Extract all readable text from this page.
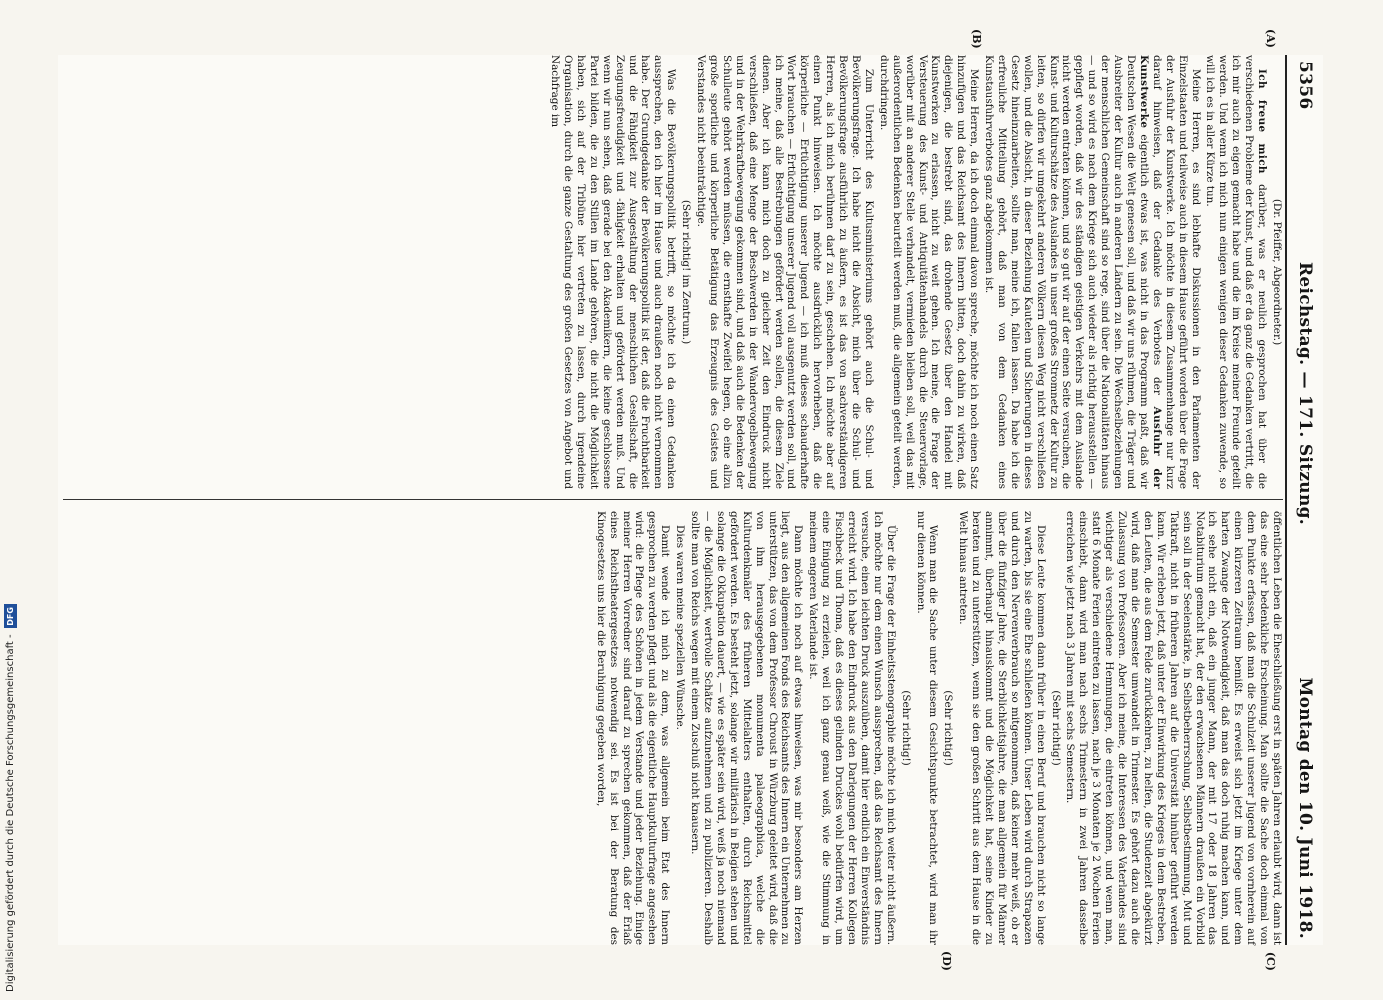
Digitalisierung gefördert durch die Deutsche Forschungsgemeinschaft -
DFG
5356
Reichstag. — 171. Sitzung.
Montag den 10. Juni 1918.
(A)
(B)

(Dr. Pfeiffer, Abgeordneter.)

Ich freue mich darüber, was er neulich gesprochen hat über die verschiedenen Probleme der Kunst, und daß er da ganz die Gedanken vertritt, die ich mir auch zu eigen gemacht habe und die im Kreise meiner Freunde geteilt werden. Und wenn ich mich nun einigen wenigen dieser Gedanken zuwende, so will ich es in aller Kürze tun.

Meine Herren, es sind lebhafte Diskussionen in den Parlamenten der Einzelstaaten und teilweise auch in diesem Hause geführt worden über die Frage der Ausfuhr der Kunstwerke. Ich möchte in diesem Zusammenhange nur kurz darauf hinweisen, daß der Gedanke des Verbotes der Ausfuhr der Kunstwerke eigentlich etwas ist, was nicht in das Programm paßt, daß wir Deutschen Wesen die Welt genesen soll, und daß wir uns rühmen, die Träger und Ausbreiter der Kultur auch in anderen Ländern zu sein. Die Wechselbeziehungen der menschlichen Gemeinschaft sind so rege, sind über die Nationalitäten hinaus — und so wird es nach dem Kriege sich auch wieder als richtig herausstellen — gepflegt worden, daß wir des ständigen geistigen Verkehrs mit dem Auslande nicht werden entraten können, und so gut wir auf der einen Seite versuchen, die Kunst- und Kulturschätze des Auslandes in unser großes Stromnetz der Kultur zu leiten, so dürfen wir umgekehrt anderen Völkern diesen Weg nicht verschließen wollen, und die Absicht, in dieser Beziehung Kautelen und Sicherungen in dieses Gesetz hineinzuarbeiten, sollte man, meine ich, fallen lassen. Da habe ich die erfreuliche Mitteilung gehört, daß man von dem Gedanken eines Kunstausfuhrverbotes ganz abgekommen ist.

Meine Herren, da ich doch einmal davon spreche, möchte ich noch einen Satz hinzufügen und das Reichsamt des Innern bitten, doch dahin zu wirken, daß diejenigen, die bestrebt sind, das drohende Gesetz über den Handel mit Kunstwerken zu erlassen, nicht zu weit gehen. Ich meine, die Frage der Versteuerung des Kunst- und Antiquitätenhandels durch die Steuervorlage, worüber mit an anderer Stelle verhandelt, vermieden bleiben soll, weil das mit außerordentlichen Bedenken beurteilt werden muß, die allgemein geteilt werden, durchdringen.

Zum Unterricht des Kultusministeriums gehört auch die Schul- und Bevölkerungsfrage. Ich habe nicht die Absicht, mich über die Schul- und Bevölkerungsfrage ausführlich zu äußern, es ist das von sachverständigeren Herren, als ich mich berühmen darf zu sein, geschehen. Ich möchte aber auf einen Punkt hinweisen. Ich möchte ausdrücklich hervorheben, daß die körperliche — Ertüchtigung unserer Jugend — ich muß dieses schauderhafte Wort brauchen — Ertüchtigung unserer Jugend voll ausgenutzt werden soll, und ich meine, daß alle Bestrebungen gefördert werden sollen, die diesem Ziele dienen. Aber ich kann mich doch zu gleicher Zeit den Eindruck nicht verschließen, daß eine Menge der Beschwerden in der Wandervogelbewegung und in der Wehrkraftbewegung gekommen sind, und daß auch die Bedenken der Schulleute gehört werden müssen, die ernsthafte Zweifel hegen, ob eine allzu große sportliche und körperliche Betätigung das Erzeugnis des Geistes und Verstandes nicht beeinträchtige.

(Sehr richtig! im Zentrum.)

Was die Bevölkerungspolitik betrifft, so möchte ich da einen Gedanken aussprechen, den ich hier im Hause und auch draußen noch nicht vernommen habe. Der Grundgedanke der Bevölkerungspolitik ist der, daß die Fruchtbarkeit und die Fähigkeit zur Ausgestaltung der menschlichen Gesellschaft, die Zeugungsfreudigkeit und -fähigkeit erhalten und gefördert werden muß. Und wenn wir nun sehen, daß gerade bei den Akademikern, die keine geschlossene Partei bilden, die zu den Stillen im Lande gehören, die nicht die Möglichkeit haben, sich auf der Tribüne hier vertreten zu lassen, durch irgendeine Organisation, durch die ganze Gestaltung des großen Gesetzes von Angebot und Nachfrage im

(C)
(D)

öffentlichen Leben die Eheschließung erst in späten Jahren erlaubt wird, dann ist das eine sehr bedenkliche Erscheinung. Man sollte die Sache doch einmal von dem Punkte erfassen, daß man die Schulzeit unserer Jugend von vornherein auf einen kürzeren Zeitraum bemißt. Es erweist sich jetzt im Kriege unter dem harten Zwange der Notwendigkeit, daß man das doch ruhig machen kann, und ich sehe nicht ein, daß ein junger Mann, der mit 17 oder 18 Jahren das Notabiturium gemacht hat, der den erwachsenen Männern draußen ein Vorbild sein soll in der Seelenstärke, in Selbstbeherrschung, Selbstbestimmung, Mut und Tatkraft, nicht in früheren Jahren auf die Universität hinüber geführt werden kann. Wir erleben jetzt, daß unter der Einwirkung des Krieges in dem Bestreben, den Leuten, die aus dem Felde zurückkehren, zu helfen, die Studenzeit abgekürzt wird, daß man die Semester umwandelt in Trimester. Es gehört dazu auch die Zulassung von Professoren. Aber ich meine, die Interessen des Vaterlandes sind wichtiger als verschiedene Hemmungen, die eintreten können, und wenn man, statt 6 Monate Ferien eintreten zu lassen, nach je 3 Monaten je 2 Wochen Ferien einschiebt, dann wird man nach sechs Trimestern in zwei Jahren dasselbe erreichen wie jetzt nach 3 Jahren mit sechs Semestern.

(Sehr richtig!)

Diese Leute kommen dann früher in einen Beruf und brauchen nicht so lange zu warten, bis sie eine Ehe schließen können. Unser Leben wird durch Strapazen und durch den Nervenverbrauch so mitgenommen, daß keiner mehr weiß, ob er über die fünfziger Jahre, die Sterblichkeitsjahre, die man allgemein für Männer annimmt, überhaupt hinauskommt und die Möglichkeit hat, seine Kinder zu beraten und zu unterstützen, wenn sie den großen Schritt aus dem Hause in die Welt hinaus antreten.

(Sehr richtig!)

Wenn man die Sache unter diesem Gesichtspunkte betrachtet, wird man ihr nur dienen können.

(Sehr richtig!)

Über die Frage der Einheitsstenographie möchte ich mich weiter nicht äußern. Ich möchte nur dem einen Wunsch aussprechen, daß das Reichsamt des Innern versuche, einen leichten Druck auszuüben, damit hier endlich ein Einverständnis erreicht wird. Ich habe den Eindruck aus den Darlegungen der Herren Kollegen Fischbeck und Thoma, daß es dieses gelinden Druckes wohl bedürfen wird, um eine Einigung zu erzielen, weil ich ganz genau weiß, wie die Stimmung in meinem engeren Vaterlande ist.

Dann möchte ich noch auf etwas hinweisen, was mir besonders am Herzen liegt, aus den allgemeinen Fonds des Reichsamts des Innern ein Unternehmen zu unterstützen, das von dem Professor Chroust in Würzburg geleitet wird, daß die von ihm herausgegebenen monumenta palaeographica, welche die Kulturdenkmäler des früheren Mittelalters enthalten, durch Reichsmittel gefördert werden. Es besteht jetzt, solange wir militärisch in Belgien stehen und solange die Okkupation dauert, — wie es später sein wird, weiß ja noch niemand — die Möglichkeit, wertvolle Schätze aufzunehmen und zu publizieren. Deshalb sollte man von Reichs wegen mit einem Zuschuß nicht knausern.

Dies waren meine speziellen Wünsche.

Damit wende ich mich zu dem, was allgemein beim Etat des Innern gesprochen zu werden pflegt und als die eigentliche Hauptkulturfrage angesehen wird: die Pflege des Schönen in jedem Verstande und jeder Beziehung. Einige meiner Herren Vorredner sind darauf zu sprechen gekommen, daß der Erlaß eines Reichstheatergesetzes notwendig sei. Es ist bei der Beratung des Kinogesetzes uns hier die Beruhigung gegeben worden,
